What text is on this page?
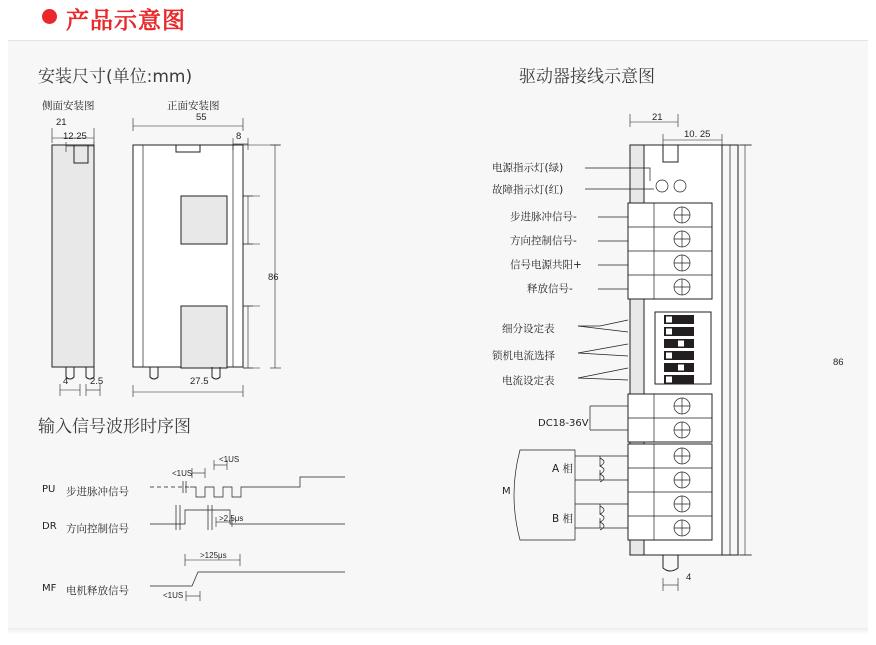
产品示意图
安装尺寸(单位:mm)	驱动器接线示意图
输入信号波形时序图
侧面安装图	正面安装图
21
12.25
55
8
86
4 2.5	27.5
21
10. 25
86
4
电源指示灯(绿)
故障指示灯(红)
步进脉冲信号-
方向控制信号-
信号电源共阳+
释放信号-
细分设定表
锁机电流选择
电流设定表
DC18-36V
A 相
B 相
M
PU 步进脉冲信号
DR 方向控制信号
MF 电机释放信号
<1US
<1US
>2.5μs
>125μs
<1US
